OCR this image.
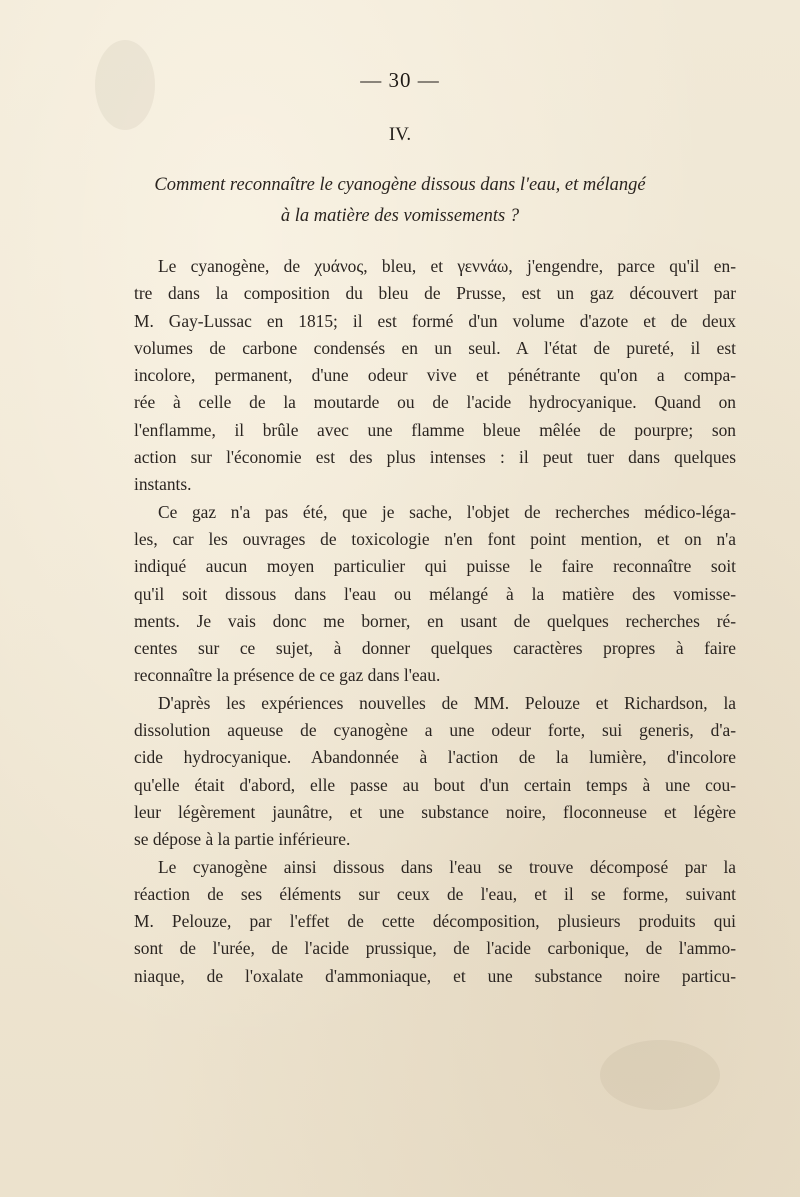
— 30 —
IV.
Comment reconnaître le cyanogène dissous dans l'eau, et mélangé
à la matière des vomissements ?
Le cyanogène, de χυάνος, bleu, et γεννάω, j'engendre, parce qu'il en-
tre dans la composition du bleu de Prusse, est un gaz découvert par
M. Gay-Lussac en 1815; il est formé d'un volume d'azote et de deux
volumes de carbone condensés en un seul. A l'état de pureté, il est
incolore, permanent, d'une odeur vive et pénétrante qu'on a compa-
rée à celle de la moutarde ou de l'acide hydrocyanique. Quand on
l'enflamme, il brûle avec une flamme bleue mêlée de pourpre; son
action sur l'économie est des plus intenses : il peut tuer dans quelques
instants.
Ce gaz n'a pas été, que je sache, l'objet de recherches médico-léga-
les, car les ouvrages de toxicologie n'en font point mention, et on n'a
indiqué aucun moyen particulier qui puisse le faire reconnaître soit
qu'il soit dissous dans l'eau ou mélangé à la matière des vomisse-
ments. Je vais donc me borner, en usant de quelques recherches ré-
centes sur ce sujet, à donner quelques caractères propres à faire
reconnaître la présence de ce gaz dans l'eau.
D'après les expériences nouvelles de MM. Pelouze et Richardson, la
dissolution aqueuse de cyanogène a une odeur forte, sui generis, d'a-
cide hydrocyanique. Abandonnée à l'action de la lumière, d'incolore
qu'elle était d'abord, elle passe au bout d'un certain temps à une cou-
leur légèrement jaunâtre, et une substance noire, floconneuse et légère
se dépose à la partie inférieure.
Le cyanogène ainsi dissous dans l'eau se trouve décomposé par la
réaction de ses éléments sur ceux de l'eau, et il se forme, suivant
M. Pelouze, par l'effet de cette décomposition, plusieurs produits qui
sont de l'urée, de l'acide prussique, de l'acide carbonique, de l'ammo-
niaque, de l'oxalate d'ammoniaque, et une substance noire particu-
